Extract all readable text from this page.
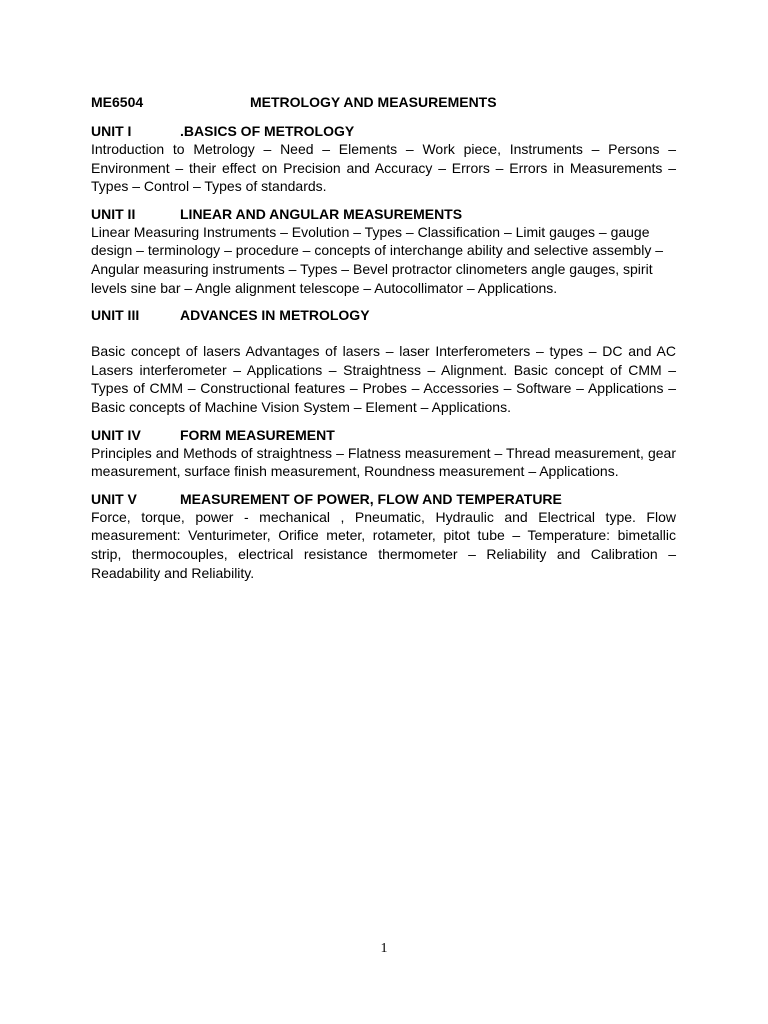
ME6504	METROLOGY AND MEASUREMENTS
UNIT I	.BASICS OF METROLOGY
Introduction to Metrology – Need – Elements – Work piece, Instruments – Persons – Environment – their effect on Precision and Accuracy – Errors – Errors in Measurements – Types – Control – Types of standards.
UNIT II	LINEAR AND ANGULAR MEASUREMENTS
Linear Measuring Instruments – Evolution – Types – Classification – Limit gauges – gauge design – terminology – procedure – concepts of interchange ability and selective assembly – Angular measuring instruments – Types – Bevel protractor clinometers angle gauges, spirit levels sine bar – Angle alignment telescope – Autocollimator – Applications.
UNIT III	ADVANCES IN METROLOGY
Basic concept of lasers Advantages of lasers – laser Interferometers – types – DC and AC Lasers interferometer – Applications – Straightness – Alignment. Basic concept of CMM – Types of CMM – Constructional features – Probes – Accessories – Software – Applications – Basic concepts of Machine Vision System – Element – Applications.
UNIT IV	FORM MEASUREMENT
Principles and Methods of straightness – Flatness measurement – Thread measurement, gear measurement, surface finish measurement, Roundness measurement – Applications.
UNIT V	MEASUREMENT OF POWER, FLOW AND TEMPERATURE
Force, torque, power - mechanical , Pneumatic, Hydraulic and Electrical type. Flow measurement: Venturimeter, Orifice meter, rotameter, pitot tube – Temperature: bimetallic strip, thermocouples, electrical resistance thermometer – Reliability and Calibration – Readability and Reliability.
1
